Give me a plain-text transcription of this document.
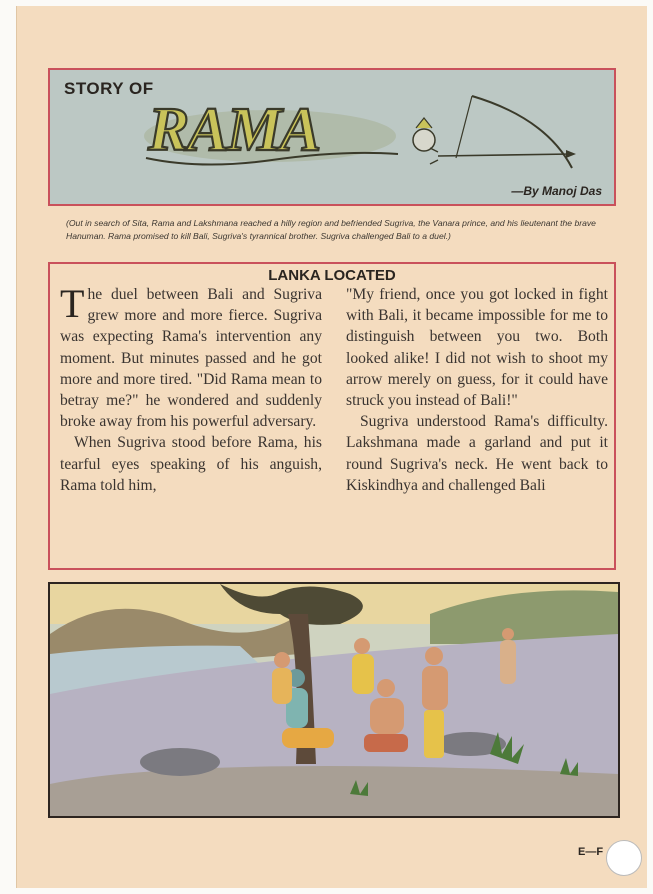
STORY OF
RAMA
—By Manoj Das
(Out in search of Sita, Rama and Lakshmana reached a hilly region and befriended Sugriva, the Vanara prince, and his lieutenant the brave Hanuman. Rama promised to kill Bali, Sugriva's tyrannical brother. Sugriva challenged Bali to a duel.)
LANKA LOCATED

The duel between Bali and Sugriva grew more and more fierce. Sugriva was expecting Rama's intervention any moment. But minutes passed and he got more and more tired. "Did Rama mean to betray me?" he wondered and suddenly broke away from his powerful adversary.

When Sugriva stood before Rama, his tearful eyes speaking of his anguish, Rama told him,

"My friend, once you got locked in fight with Bali, it became impossible for me to distinguish between you two. Both looked alike! I did not wish to shoot my arrow merely on guess, for it could have struck you instead of Bali!"

Sugriva understood Rama's difficulty. Lakshmana made a garland and put it round Sugriva's neck. He went back to Kiskindhya and challenged Bali

E—F
